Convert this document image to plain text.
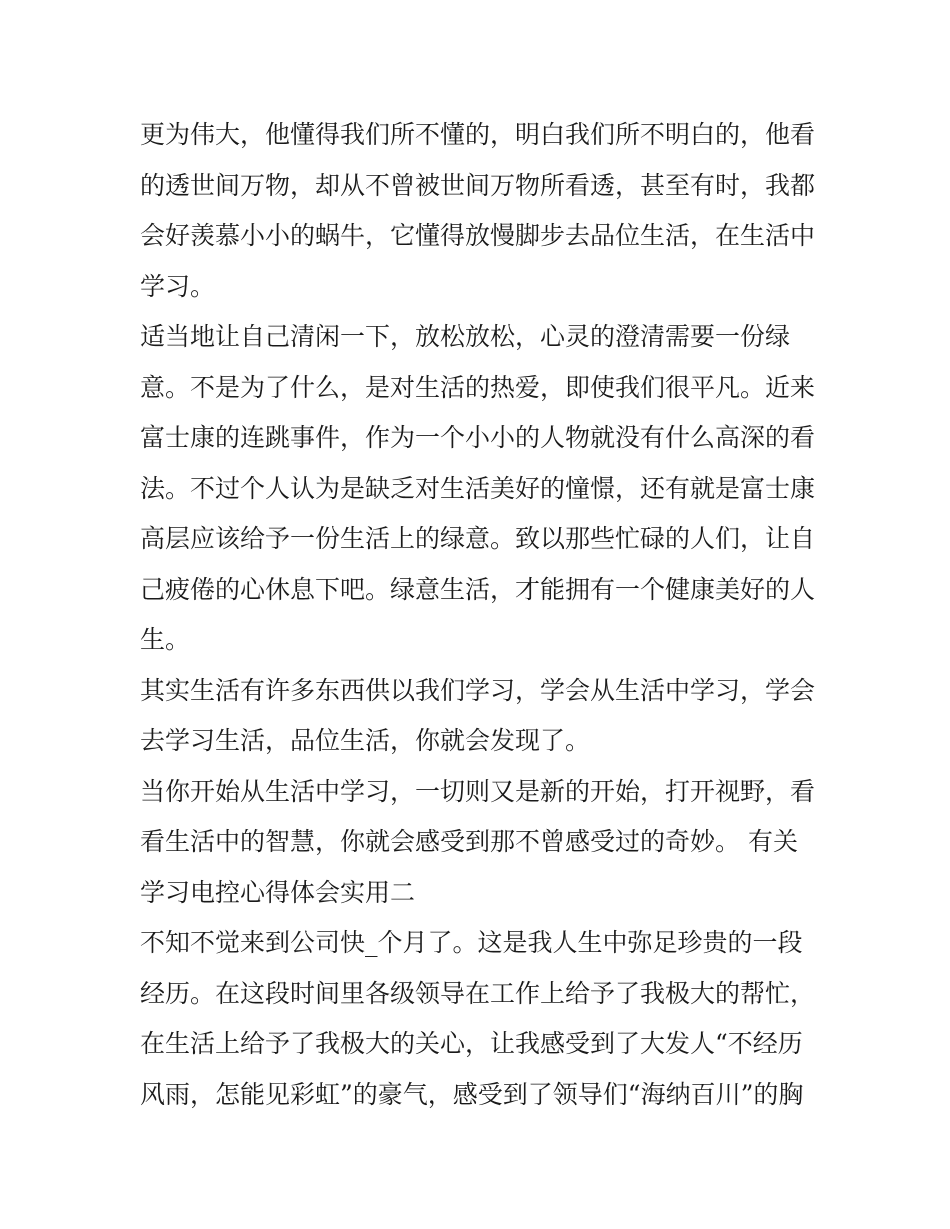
更为伟大，他懂得我们所不懂的，明白我们所不明白的，他看
的透世间万物，却从不曾被世间万物所看透，甚至有时，我都
会好羡慕小小的蜗牛，它懂得放慢脚步去品位生活，在生活中
学习。
适当地让自己清闲一下，放松放松，心灵的澄清需要一份绿
意。不是为了什么，是对生活的热爱，即使我们很平凡。近来
富士康的连跳事件，作为一个小小的人物就没有什么高深的看
法。不过个人认为是缺乏对生活美好的憧憬，还有就是富士康
高层应该给予一份生活上的绿意。致以那些忙碌的人们，让自
己疲倦的心休息下吧。绿意生活，才能拥有一个健康美好的人
生。
其实生活有许多东西供以我们学习，学会从生活中学习，学会
去学习生活，品位生活，你就会发现了。
当你开始从生活中学习，一切则又是新的开始，打开视野，看
看生活中的智慧，你就会感受到那不曾感受过的奇妙。 有关
学习电控心得体会实用二
不知不觉来到公司快_个月了。这是我人生中弥足珍贵的一段
经历。在这段时间里各级领导在工作上给予了我极大的帮忙，
在生活上给予了我极大的关心，让我感受到了大发人“不经历
风雨，怎能见彩虹”的豪气，感受到了领导们“海纳百川”的胸
